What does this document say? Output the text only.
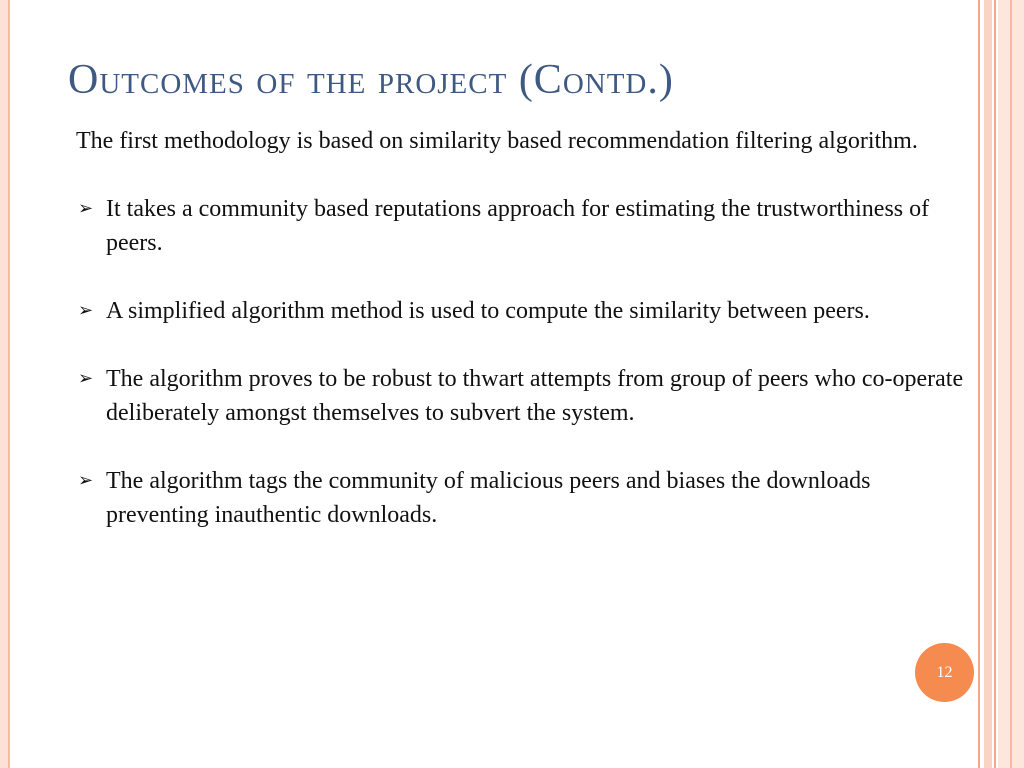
Outcomes of the project (Contd.)

The first methodology is based on similarity based recommendation filtering algorithm.

➢ It takes a community based reputations approach for estimating the trustworthiness of peers.
➢ A simplified algorithm method is used to compute the similarity between peers.
➢ The algorithm proves to be robust to thwart attempts from group of peers who co-operate deliberately amongst themselves to subvert the system.
➢ The algorithm tags the community of malicious peers and biases the downloads preventing inauthentic downloads.
12
